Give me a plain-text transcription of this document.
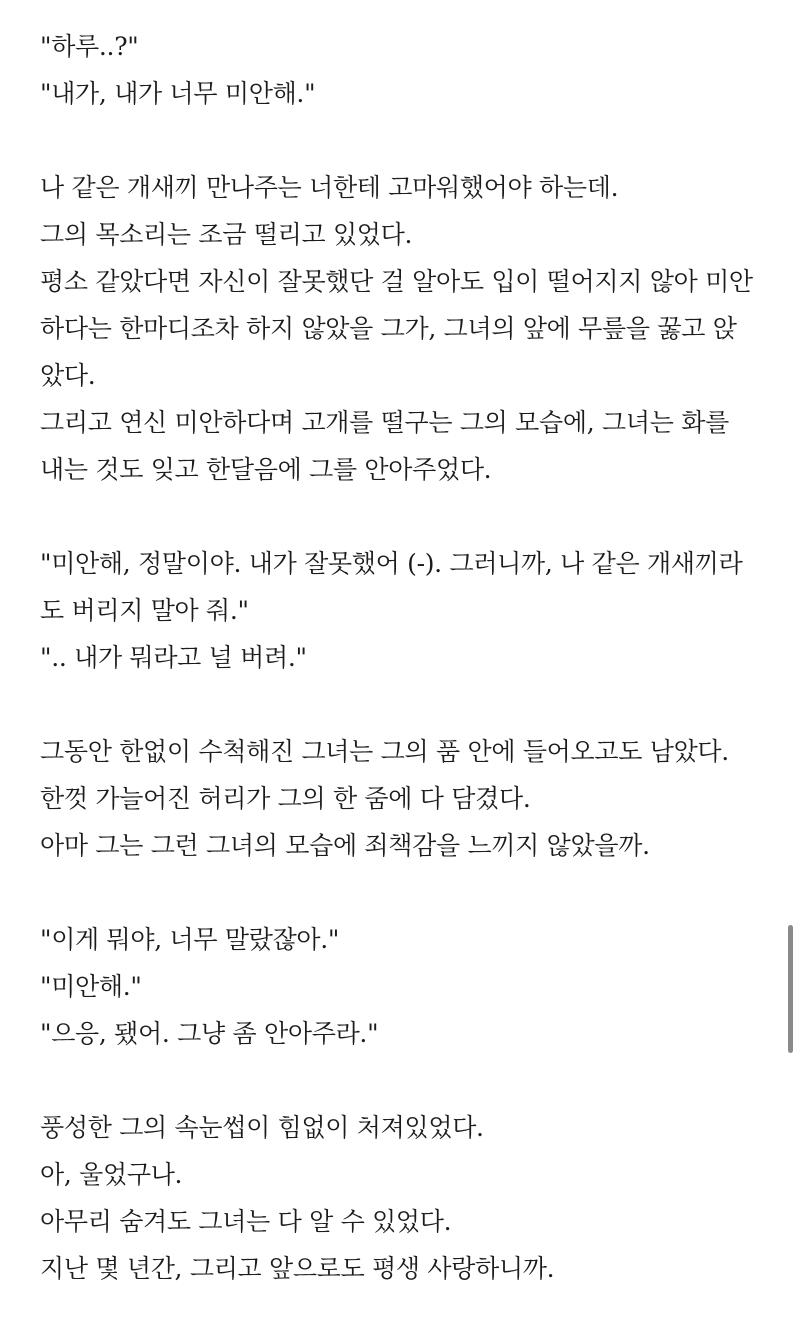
"하루..?"
"내가, 내가 너무 미안해."
나 같은 개새끼 만나주는 너한테 고마워했어야 하는데.
그의 목소리는 조금 떨리고 있었다.
평소 같았다면 자신이 잘못했단 걸 알아도 입이 떨어지지 않아 미안
하다는 한마디조차 하지 않았을 그가, 그녀의 앞에 무릎을 꿇고 앉
았다.
그리고 연신 미안하다며 고개를 떨구는 그의 모습에, 그녀는 화를
내는 것도 잊고 한달음에 그를 안아주었다.
"미안해, 정말이야. 내가 잘못했어 (-). 그러니까, 나 같은 개새끼라
도 버리지 말아 줘."
".. 내가 뭐라고 널 버려."
그동안 한없이 수척해진 그녀는 그의 품 안에 들어오고도 남았다.
한껏 가늘어진 허리가 그의 한 줌에 다 담겼다.
아마 그는 그런 그녀의 모습에 죄책감을 느끼지 않았을까.
"이게 뭐야, 너무 말랐잖아."
"미안해."
"으응, 됐어. 그냥 좀 안아주라."
풍성한 그의 속눈썹이 힘없이 처져있었다.
아, 울었구나.
아무리 숨겨도 그녀는 다 알 수 있었다.
지난 몇 년간, 그리고 앞으로도 평생 사랑하니까.
